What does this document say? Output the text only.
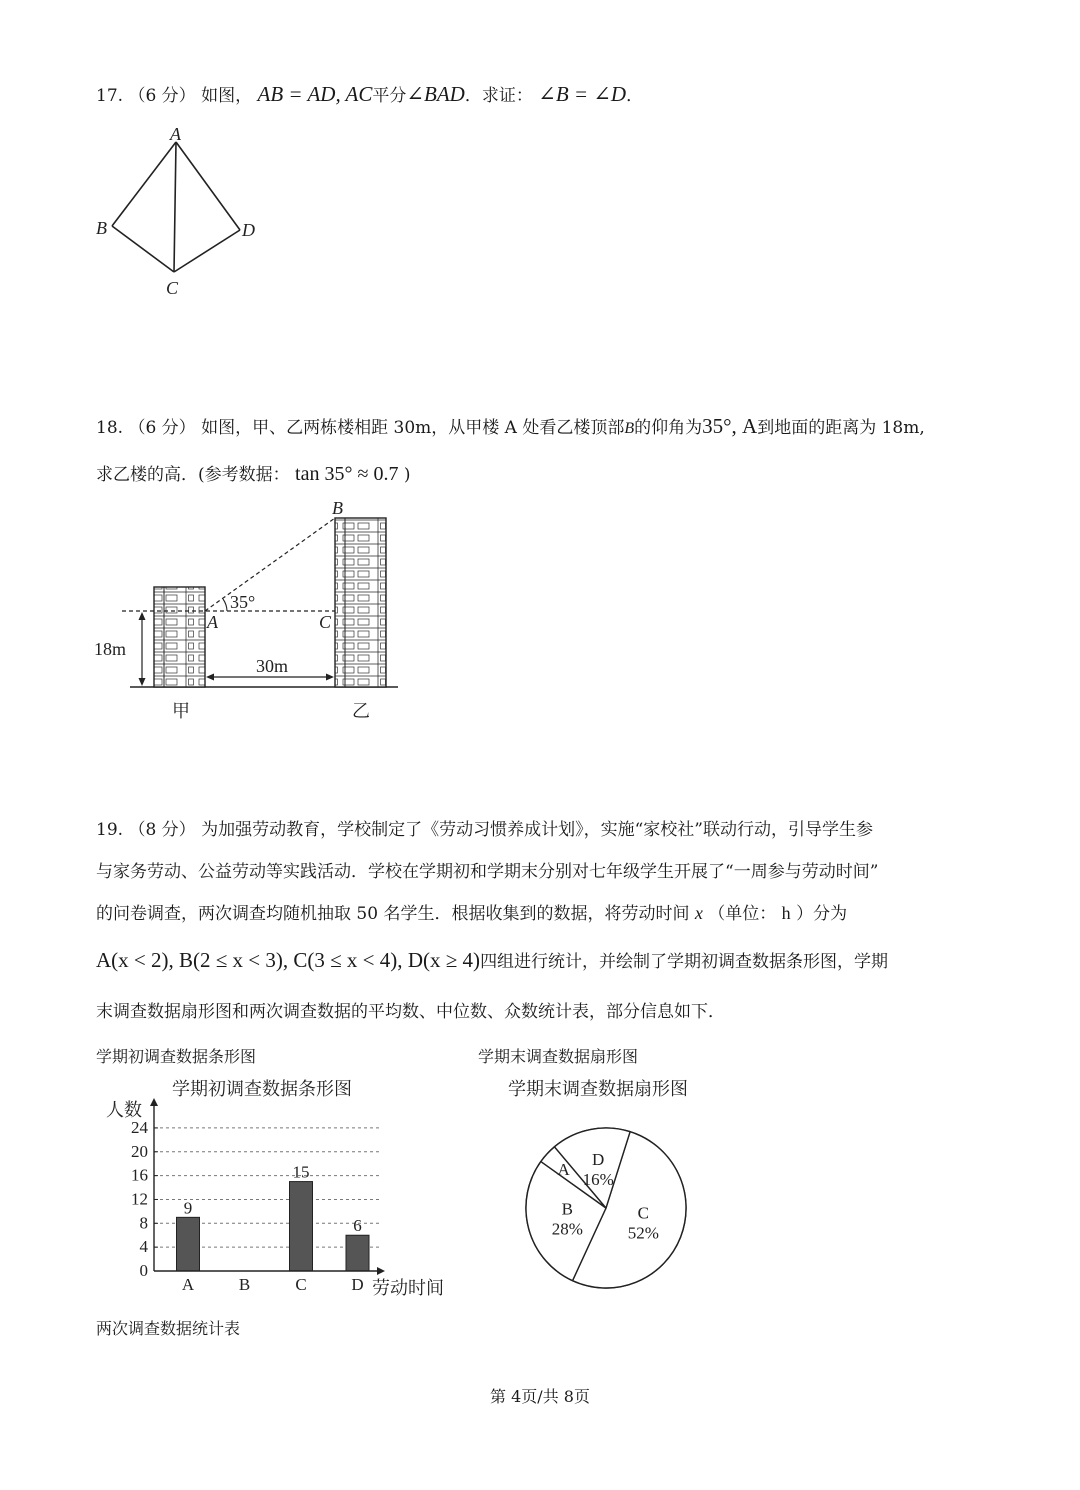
17. （6 分） 如图， AB = AD, AC平分∠BAD．求证： ∠B = ∠D．
A
B
C
D
18. （6 分） 如图，甲、乙两栋楼相距 30m，从甲楼 A 处看乙楼顶部B的仰角为35°, A到地面的距离为 18m,
求乙楼的高．(参考数据： tan 35° ≈ 0.7 )
B
A	C
35°
18m
30m
甲	乙
19. （8 分） 为加强劳动教育，学校制定了《劳动习惯养成计划》，实施“家校社”联动行动，引导学生参
与家务劳动、公益劳动等实践活动．学校在学期初和学期末分别对七年级学生开展了“一周参与劳动时间”
的问卷调查，两次调查均随机抽取 50 名学生．根据收集到的数据，将劳动时间 x （单位： h ）分为
A(x < 2), B(2 ≤ x < 3), C(3 ≤ x < 4), D(x ≥ 4)四组进行统计，并绘制了学期初调查数据条形图，学期
末调查数据扇形图和两次调查数据的平均数、中位数、众数统计表，部分信息如下．
学期初调查数据条形图	学期末调查数据扇形图
学期初调查数据条形图
人数
劳动时间
0
4
8
12
16
20
24
9
15
6
A	B	C	D
学期末调查数据扇形图
C
52%
B
28%
A
D
16%
两次调查数据统计表
第 4页/共 8页
